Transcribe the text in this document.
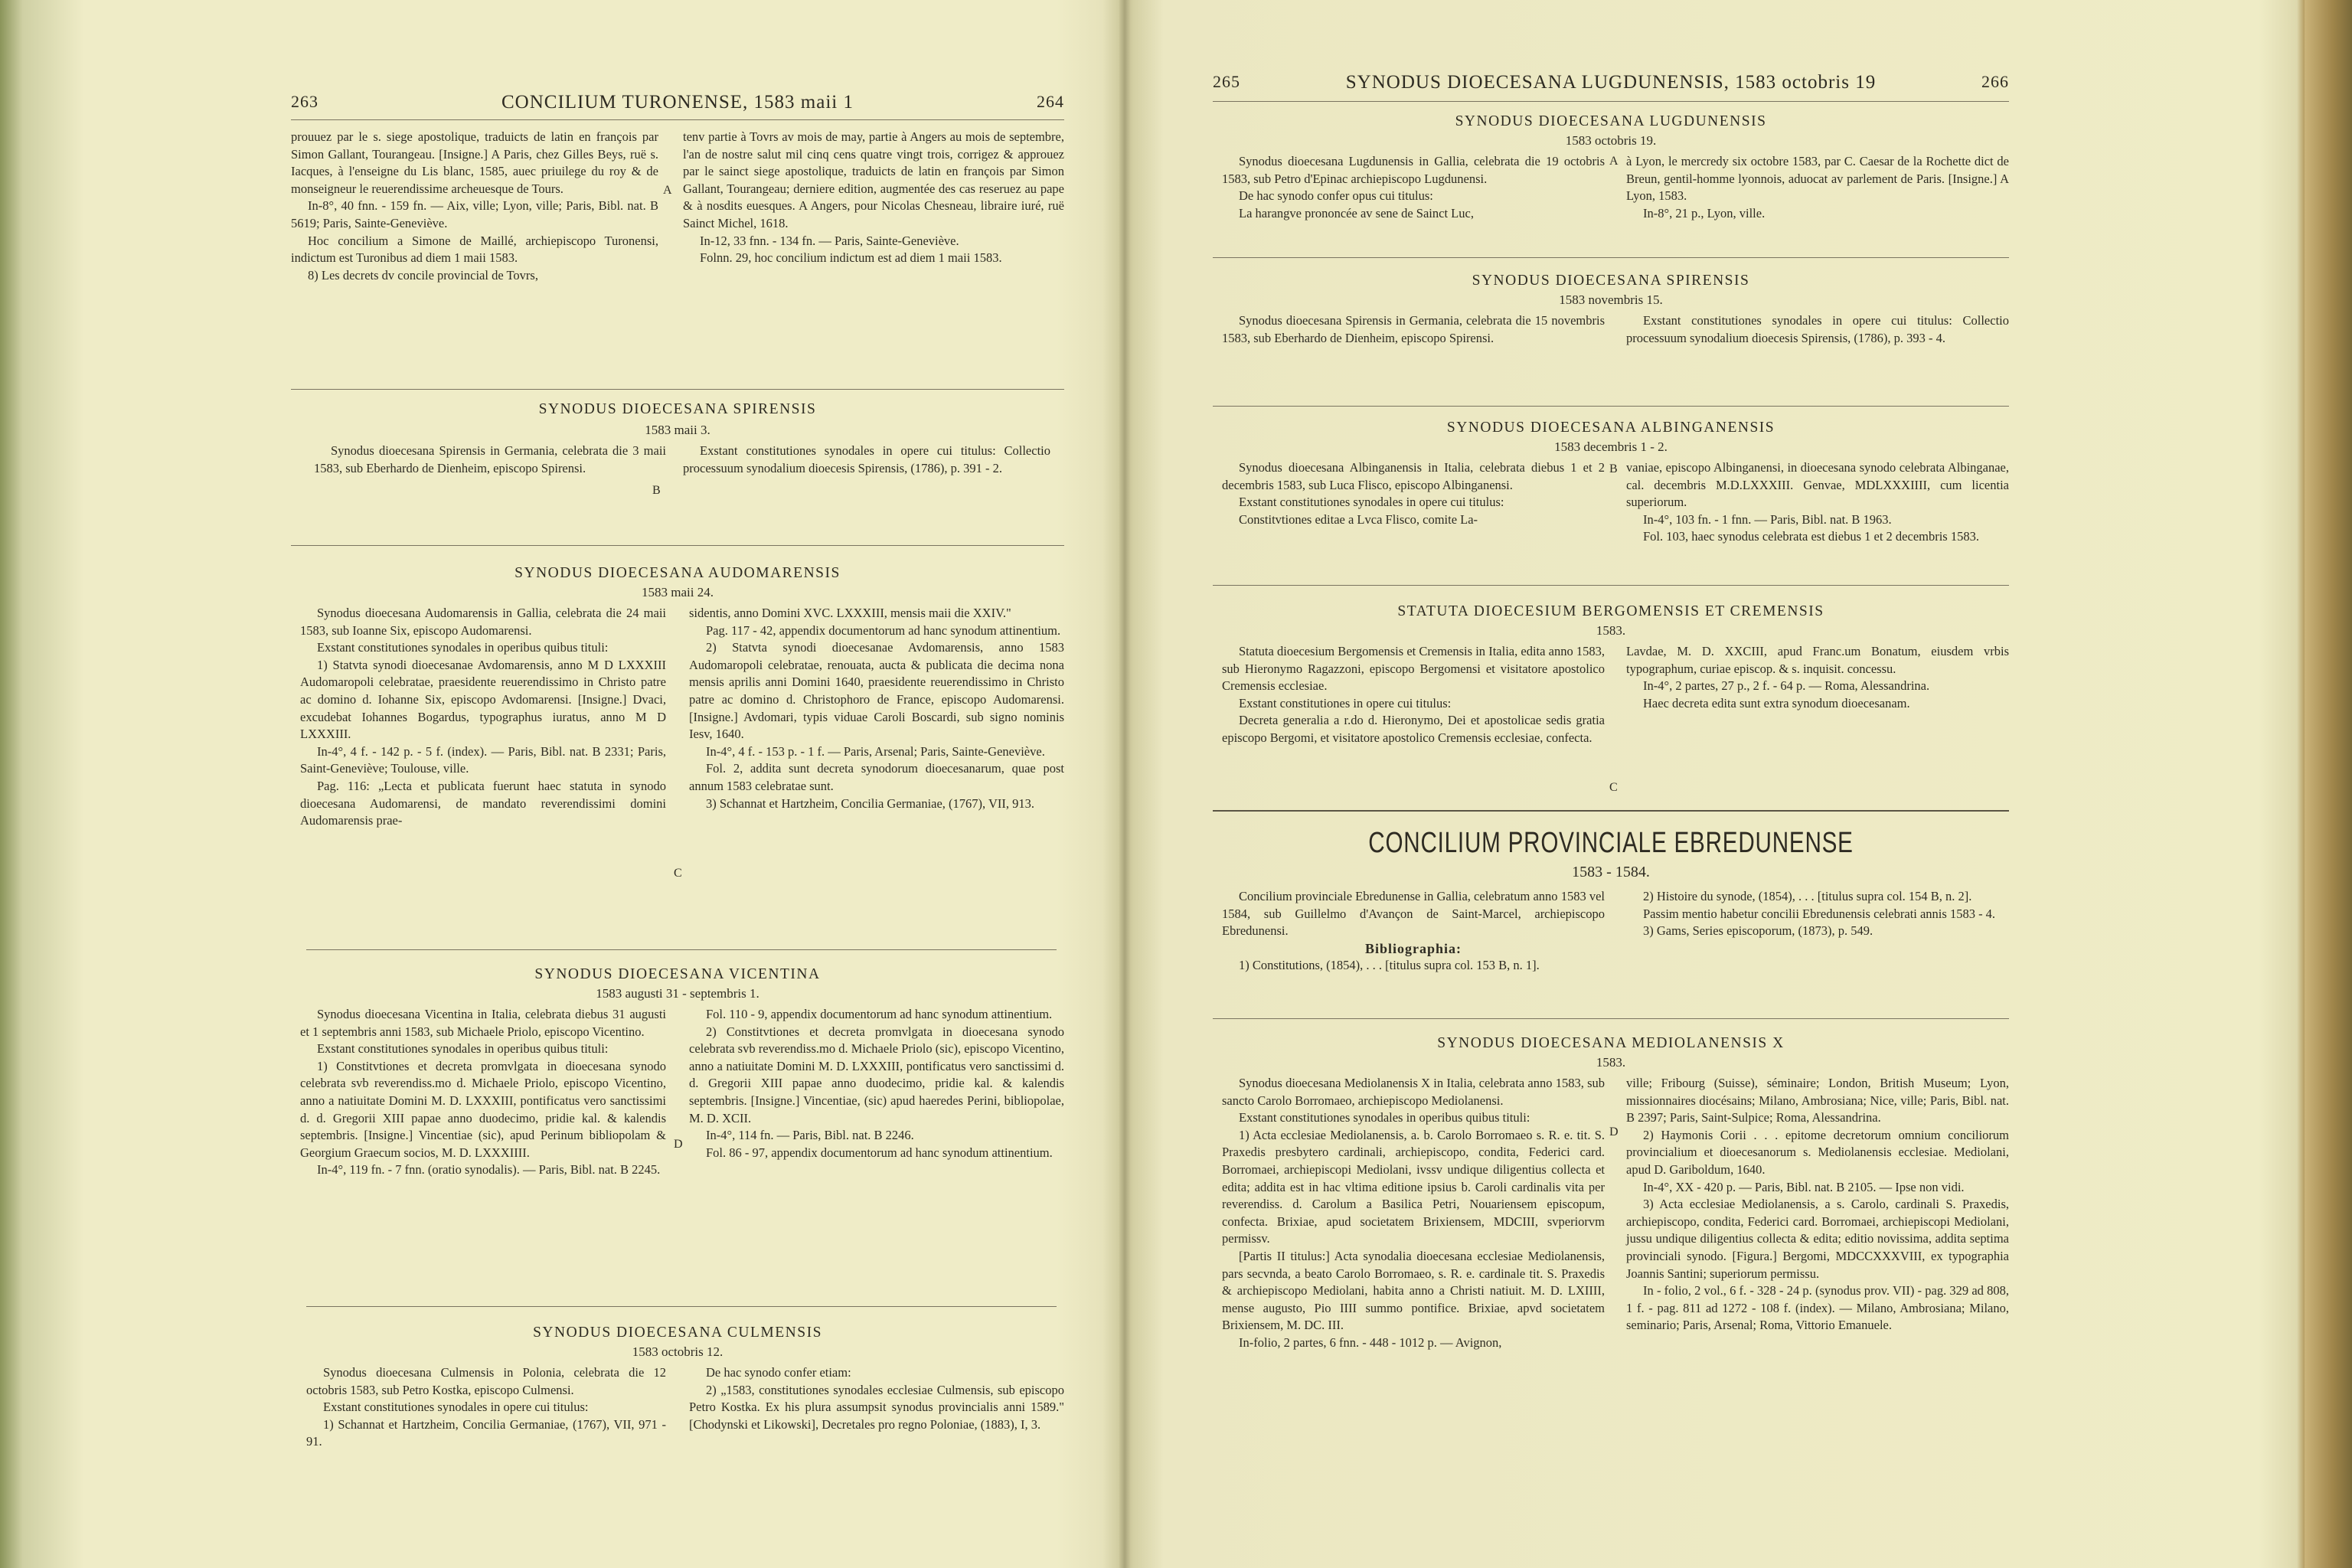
263	CONCILIUM TURONENSE, 1583 maii 1	264

prouuez par le s. siege apostolique, traduicts de latin en françois par Simon Gallant, Tourangeau. [Insigne.] A Paris, chez Gilles Beys, ruë s. Iacques, à l'enseigne du Lis blanc, 1585, auec priuilege du roy & de monseigneur le reuerendissime archeuesque de Tours.

In-8°, 40 fnn. - 159 fn. — Aix, ville; Lyon, ville; Paris, Bibl. nat. B 5619; Paris, Sainte-Geneviève.

Hoc concilium a Simone de Maillé, archiepiscopo Turonensi, indictum est Turonibus ad diem 1 maii 1583.

8) Les decrets dv concile provincial de Tovrs,

tenv partie à Tovrs av mois de may, partie à Angers au mois de septembre, l'an de nostre salut mil cinq cens quatre vingt trois, corrigez & approuez par le sainct siege apostolique, traduicts de latin en françois par Simon Gallant, Tourangeau; derniere edition, augmentée des cas reseruez au pape & à nosdits euesques. A Angers, pour Nicolas Chesneau, libraire iuré, ruë Sainct Michel, 1618.

In-12, 33 fnn. - 134 fn. — Paris, Sainte-Geneviève.

Folnn. 29, hoc concilium indictum est ad diem 1 maii 1583.

SYNODUS DIOECESANA SPIRENSIS
1583 maii 3.

Synodus dioecesana Spirensis in Germania, celebrata die 3 maii 1583, sub Eberhardo de Dienheim, episcopo Spirensi.

Exstant constitutiones synodales in opere cui titulus: Collectio processuum synodalium dioecesis Spirensis, (1786), p. 391 - 2.

B
SYNODUS DIOECESANA AUDOMARENSIS
1583 maii 24.

Synodus dioecesana Audomarensis in Gallia, celebrata die 24 maii 1583, sub Ioanne Six, episcopo Audomarensi.

Exstant constitutiones synodales in operibus quibus tituli:

1) Statvta synodi dioecesanae Avdomarensis, anno M D LXXXIII Audomaropoli celebratae, praesidente reuerendissimo in Christo patre ac domino d. Iohanne Six, episcopo Avdomarensi. [Insigne.] Dvaci, excudebat Iohannes Bogardus, typographus iuratus, anno M D LXXXIII.

In-4°, 4 f. - 142 p. - 5 f. (index). — Paris, Bibl. nat. B 2331; Paris, Saint-Geneviève; Toulouse, ville.

Pag. 116: „Lecta et publicata fuerunt haec statuta in synodo dioecesana Audomarensi, de mandato reverendissimi domini Audomarensis prae-

sidentis, anno Domini XVC. LXXXIII, mensis maii die XXIV."

Pag. 117 - 42, appendix documentorum ad hanc synodum attinentium.

2) Statvta synodi dioecesanae Avdomarensis, anno 1583 Audomaropoli celebratae, renouata, aucta & publicata die decima nona mensis aprilis anni Domini 1640, praesidente reuerendissimo in Christo patre ac domino d. Christophoro de France, episcopo Audomarensi. [Insigne.] Avdomari, typis viduae Caroli Boscardi, sub signo nominis Iesv, 1640.

In-4°, 4 f. - 153 p. - 1 f. — Paris, Arsenal; Paris, Sainte-Geneviève.

Fol. 2, addita sunt decreta synodorum dioecesanarum, quae post annum 1583 celebratae sunt.

3) Schannat et Hartzheim, Concilia Germaniae, (1767), VII, 913.

C
SYNODUS DIOECESANA VICENTINA
1583 augusti 31 - septembris 1.

Synodus dioecesana Vicentina in Italia, celebrata diebus 31 augusti et 1 septembris anni 1583, sub Michaele Priolo, episcopo Vicentino.

Exstant constitutiones synodales in operibus quibus tituli:

1) Constitvtiones et decreta promvlgata in dioecesana synodo celebrata svb reverendiss.mo d. Michaele Priolo, episcopo Vicentino, anno a natiuitate Domini M. D. LXXXIII, pontificatus vero sanctissimi d. d. Gregorii XIII papae anno duodecimo, pridie kal. & kalendis septembris. [Insigne.] Vincentiae (sic), apud Perinum bibliopolam & Georgium Graecum socios, M. D. LXXXIIII.

In-4°, 119 fn. - 7 fnn. (oratio synodalis). — Paris, Bibl. nat. B 2245.

Fol. 110 - 9, appendix documentorum ad hanc synodum attinentium.

2) Constitvtiones et decreta promvlgata in dioecesana synodo celebrata svb reverendiss.mo d. Michaele Priolo (sic), episcopo Vicentino, anno a natiuitate Domini M. D. LXXXIII, pontificatus vero sanctissimi d. d. Gregorii XIII papae anno duodecimo, pridie kal. & kalendis septembris. [Insigne.] Vincentiae, (sic) apud haeredes Perini, bibliopolae, M. D. XCII.

In-4°, 114 fn. — Paris, Bibl. nat. B 2246.

Fol. 86 - 97, appendix documentorum ad hanc synodum attinentium.

D
SYNODUS DIOECESANA CULMENSIS
1583 octobris 12.

Synodus dioecesana Culmensis in Polonia, celebrata die 12 octobris 1583, sub Petro Kostka, episcopo Culmensi.

Exstant constitutiones synodales in opere cui titulus:

1) Schannat et Hartzheim, Concilia Germaniae, (1767), VII, 971 - 91.

De hac synodo confer etiam:

2) „1583, constitutiones synodales ecclesiae Culmensis, sub episcopo Petro Kostka. Ex his plura assumpsit synodus provincialis anni 1589." [Chodynski et Likowski], Decretales pro regno Poloniae, (1883), I, 3.

A
265	SYNODUS DIOECESANA LUGDUNENSIS, 1583 octobris 19	266
SYNODUS DIOECESANA LUGDUNENSIS
1583 octobris 19.

Synodus dioecesana Lugdunensis in Gallia, celebrata die 19 octobris 1583, sub Petro d'Epinac archiepiscopo Lugdunensi.

De hac synodo confer opus cui titulus:

La harangve prononcée av sene de Sainct Luc,

à Lyon, le mercredy six octobre 1583, par C. Caesar de la Rochette dict de Breun, gentil-homme lyonnois, aduocat av parlement de Paris. [Insigne.] A Lyon, 1583.

In-8°, 21 p., Lyon, ville.

A
SYNODUS DIOECESANA SPIRENSIS
1583 novembris 15.

Synodus dioecesana Spirensis in Germania, celebrata die 15 novembris 1583, sub Eberhardo de Dienheim, episcopo Spirensi.

Exstant constitutiones synodales in opere cui titulus: Collectio processuum synodalium dioecesis Spirensis, (1786), p. 393 - 4.

SYNODUS DIOECESANA ALBINGANENSIS
1583 decembris 1 - 2.

Synodus dioecesana Albinganensis in Italia, celebrata diebus 1 et 2 decembris 1583, sub Luca Flisco, episcopo Albinganensi.

Exstant constitutiones synodales in opere cui titulus:

Constitvtiones editae a Lvca Flisco, comite La-

vaniae, episcopo Albinganensi, in dioecesana synodo celebrata Albinganae, cal. decembris M.D.LXXXIII. Genvae, MDLXXXIIII, cum licentia superiorum.

In-4°, 103 fn. - 1 fnn. — Paris, Bibl. nat. B 1963.

Fol. 103, haec synodus celebrata est diebus 1 et 2 decembris 1583.

B
STATUTA DIOECESIUM BERGOMENSIS ET CREMENSIS
1583.

Statuta dioecesium Bergomensis et Cremensis in Italia, edita anno 1583, sub Hieronymo Ragazzoni, episcopo Bergomensi et visitatore apostolico Cremensis ecclesiae.

Exstant constitutiones in opere cui titulus:

Decreta generalia a r.do d. Hieronymo, Dei et apostolicae sedis gratia episcopo Bergomi, et visitatore apostolico Cremensis ecclesiae, confecta.

Lavdae, M. D. XXCIII, apud Franc.um Bonatum, eiusdem vrbis typographum, curiae episcop. & s. inquisit. concessu.

In-4°, 2 partes, 27 p., 2 f. - 64 p. — Roma, Alessandrina.

Haec decreta edita sunt extra synodum dioecesanam.

C
CONCILIUM PROVINCIALE EBREDUNENSE
1583 - 1584.

Concilium provinciale Ebredunense in Gallia, celebratum anno 1583 vel 1584, sub Guillelmo d'Avançon de Saint-Marcel, archiepiscopo Ebredunensi.

Bibliographia:

1) Constitutions, (1854), . . . [titulus supra col. 153 B, n. 1].

2) Histoire du synode, (1854), . . . [titulus supra col. 154 B, n. 2].

Passim mentio habetur concilii Ebredunensis celebrati annis 1583 - 4.

3) Gams, Series episcoporum, (1873), p. 549.

SYNODUS DIOECESANA MEDIOLANENSIS X
1583.

Synodus dioecesana Mediolanensis X in Italia, celebrata anno 1583, sub sancto Carolo Borromaeo, archiepiscopo Mediolanensi.

Exstant constitutiones synodales in operibus quibus tituli:

1) Acta ecclesiae Mediolanensis, a. b. Carolo Borromaeo s. R. e. tit. S. Praxedis presbytero cardinali, archiepiscopo, condita, Federici card. Borromaei, archiepiscopi Mediolani, ivssv undique diligentius collecta et edita; addita est in hac vltima editione ipsius b. Caroli cardinalis vita per reverendiss. d. Carolum a Basilica Petri, Nouariensem episcopum, confecta. Brixiae, apud societatem Brixiensem, MDCIII, svperiorvm permissv.

[Partis II titulus:] Acta synodalia dioecesana ecclesiae Mediolanensis, pars secvnda, a beato Carolo Borromaeo, s. R. e. cardinale tit. S. Praxedis & archiepiscopo Mediolani, habita anno a Christi natiuit. M. D. LXIIII, mense augusto, Pio IIII summo pontifice. Brixiae, apvd societatem Brixiensem, M. DC. III.

In-folio, 2 partes, 6 fnn. - 448 - 1012 p. — Avignon,

ville; Fribourg (Suisse), séminaire; London, British Museum; Lyon, missionnaires diocésains; Milano, Ambrosiana; Nice, ville; Paris, Bibl. nat. B 2397; Paris, Saint-Sulpice; Roma, Alessandrina.

2) Haymonis Corii . . . epitome decretorum omnium conciliorum provincialium et dioecesanorum s. Mediolanensis ecclesiae. Mediolani, apud D. Gariboldum, 1640.

In-4°, XX - 420 p. — Paris, Bibl. nat. B 2105. — Ipse non vidi.

3) Acta ecclesiae Mediolanensis, a s. Carolo, cardinali S. Praxedis, archiepiscopo, condita, Federici card. Borromaei, archiepiscopi Mediolani, jussu undique diligentius collecta & edita; editio novissima, addita septima provinciali synodo. [Figura.] Bergomi, MDCCXXXVIII, ex typographia Joannis Santini; superiorum permissu.

In - folio, 2 vol., 6 f. - 328 - 24 p. (synodus prov. VII) - pag. 329 ad 808, 1 f. - pag. 811 ad 1272 - 108 f. (index). — Milano, Ambrosiana; Milano, seminario; Paris, Arsenal; Roma, Vittorio Emanuele.

D
